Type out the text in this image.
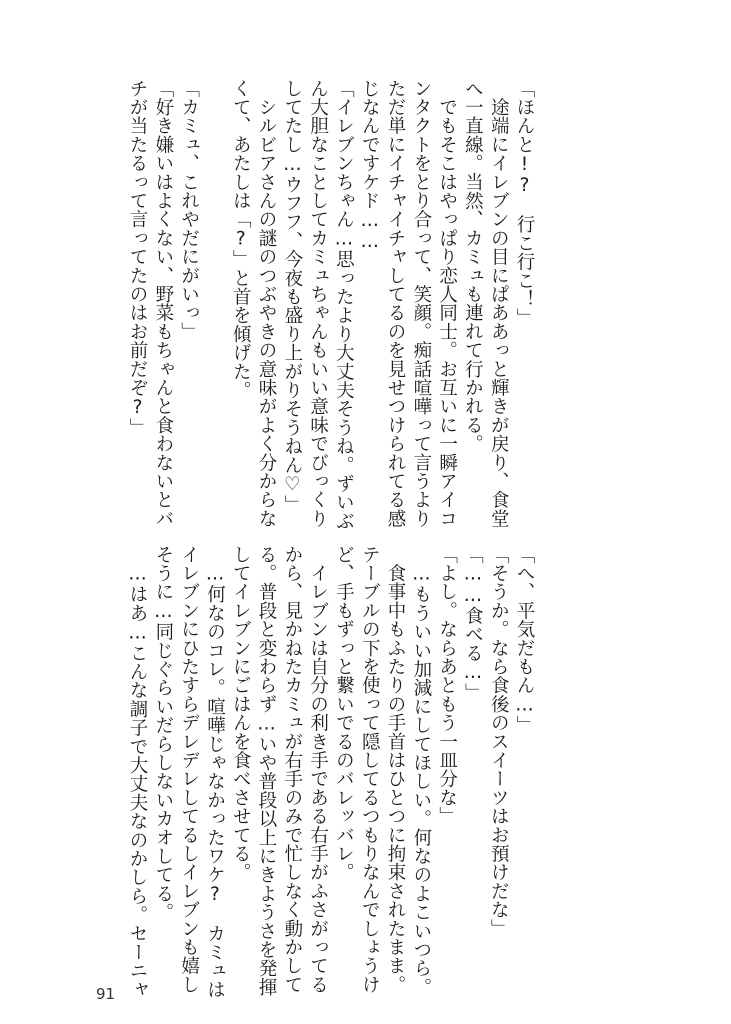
「ほんと!?　行こ行こ！」
　途端にイレブンの目にぱああっと輝きが戻り、食堂
へ一直線。当然、カミュも連れて行かれる。
　でもそこはやっぱり恋人同士。お互いに一瞬アイコ
ンタクトをとり合って、笑顔。痴話喧嘩って言うより
ただ単にイチャイチャしてるのを見せつけられてる感
じなんですケド……
「イレブンちゃん…思ったより大丈夫そうね。ずいぶ
ん大胆なことしてカミュちゃんもいい意味でびっくり
してたし…ウフフ、今夜も盛り上がりそうねん♡」
　シルビアさんの謎のつぶやきの意味がよく分からな
くて、あたしは「?」と首を傾げた。
「カミュ、これやだにがいっ」
「好き嫌いはよくない、野菜もちゃんと食わないとバ
チが当たるって言ってたのはお前だぞ?」
「へ、平気だもん…」
「そうか。なら食後のスイーツはお預けだな」
「……食べる…」
「よし。ならあともう一皿分な」
　…もういい加減にしてほしい。何なのよこいつら。
　食事中もふたりの手首はひとつに拘束されたまま。
テーブルの下を使って隠してるつもりなんでしょうけ
ど、手もずっと繋いでるのバレッバレ。
　イレブンは自分の利き手である右手がふさがってる
から、見かねたカミュが右手のみで忙しなく動かして
る。普段と変わらず…いや普段以上にきようさを発揮
してイレブンにごはんを食べさせてる。
　…何なのコレ。喧嘩じゃなかったワケ?　カミュは
イレブンにひたすらデレデレしてるしイレブンも嬉し
そうに…同じぐらいだらしないカオしてる。
　…はあ…こんな調子で大丈夫なのかしら。セーニャ
91
